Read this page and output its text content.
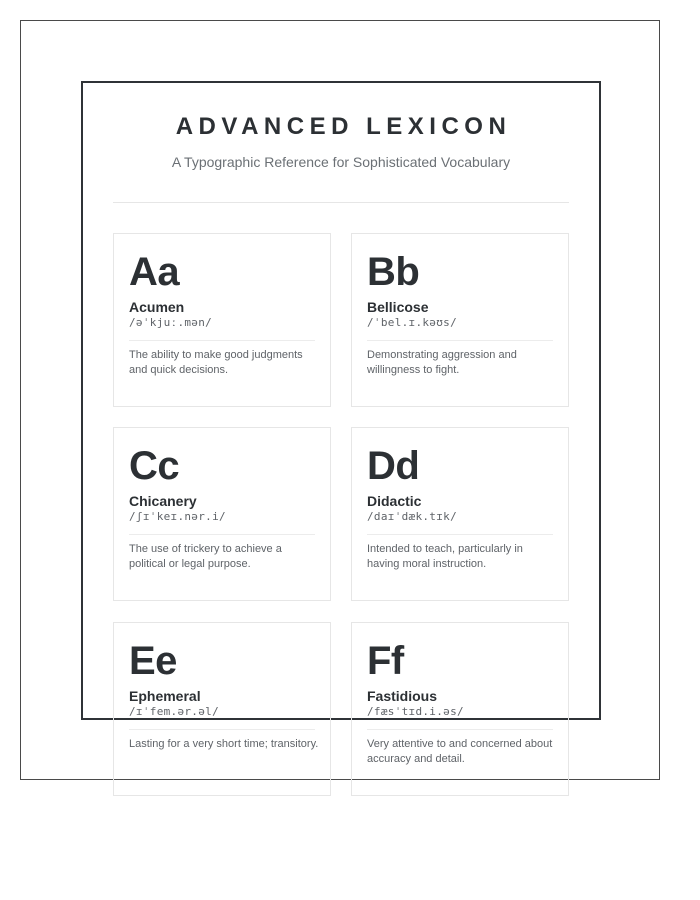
ADVANCED LEXICON

A Typographic Reference for Sophisticated Vocabulary

Aa
Acumen
/əˈkjuː.mən/
The ability to make good judgments and quick decisions.
Bb
Bellicose
/ˈbel.ɪ.kəʊs/
Demonstrating aggression and willingness to fight.
Cc
Chicanery
/ʃɪˈkeɪ.nər.i/
The use of trickery to achieve a political or legal purpose.
Dd
Didactic
/daɪˈdæk.tɪk/
Intended to teach, particularly in having moral instruction.
Ee
Ephemeral
/ɪˈfem.ər.əl/
Lasting for a very short time; transitory.
Ff
Fastidious
/fæsˈtɪd.i.əs/
Very attentive to and concerned about accuracy and detail.
